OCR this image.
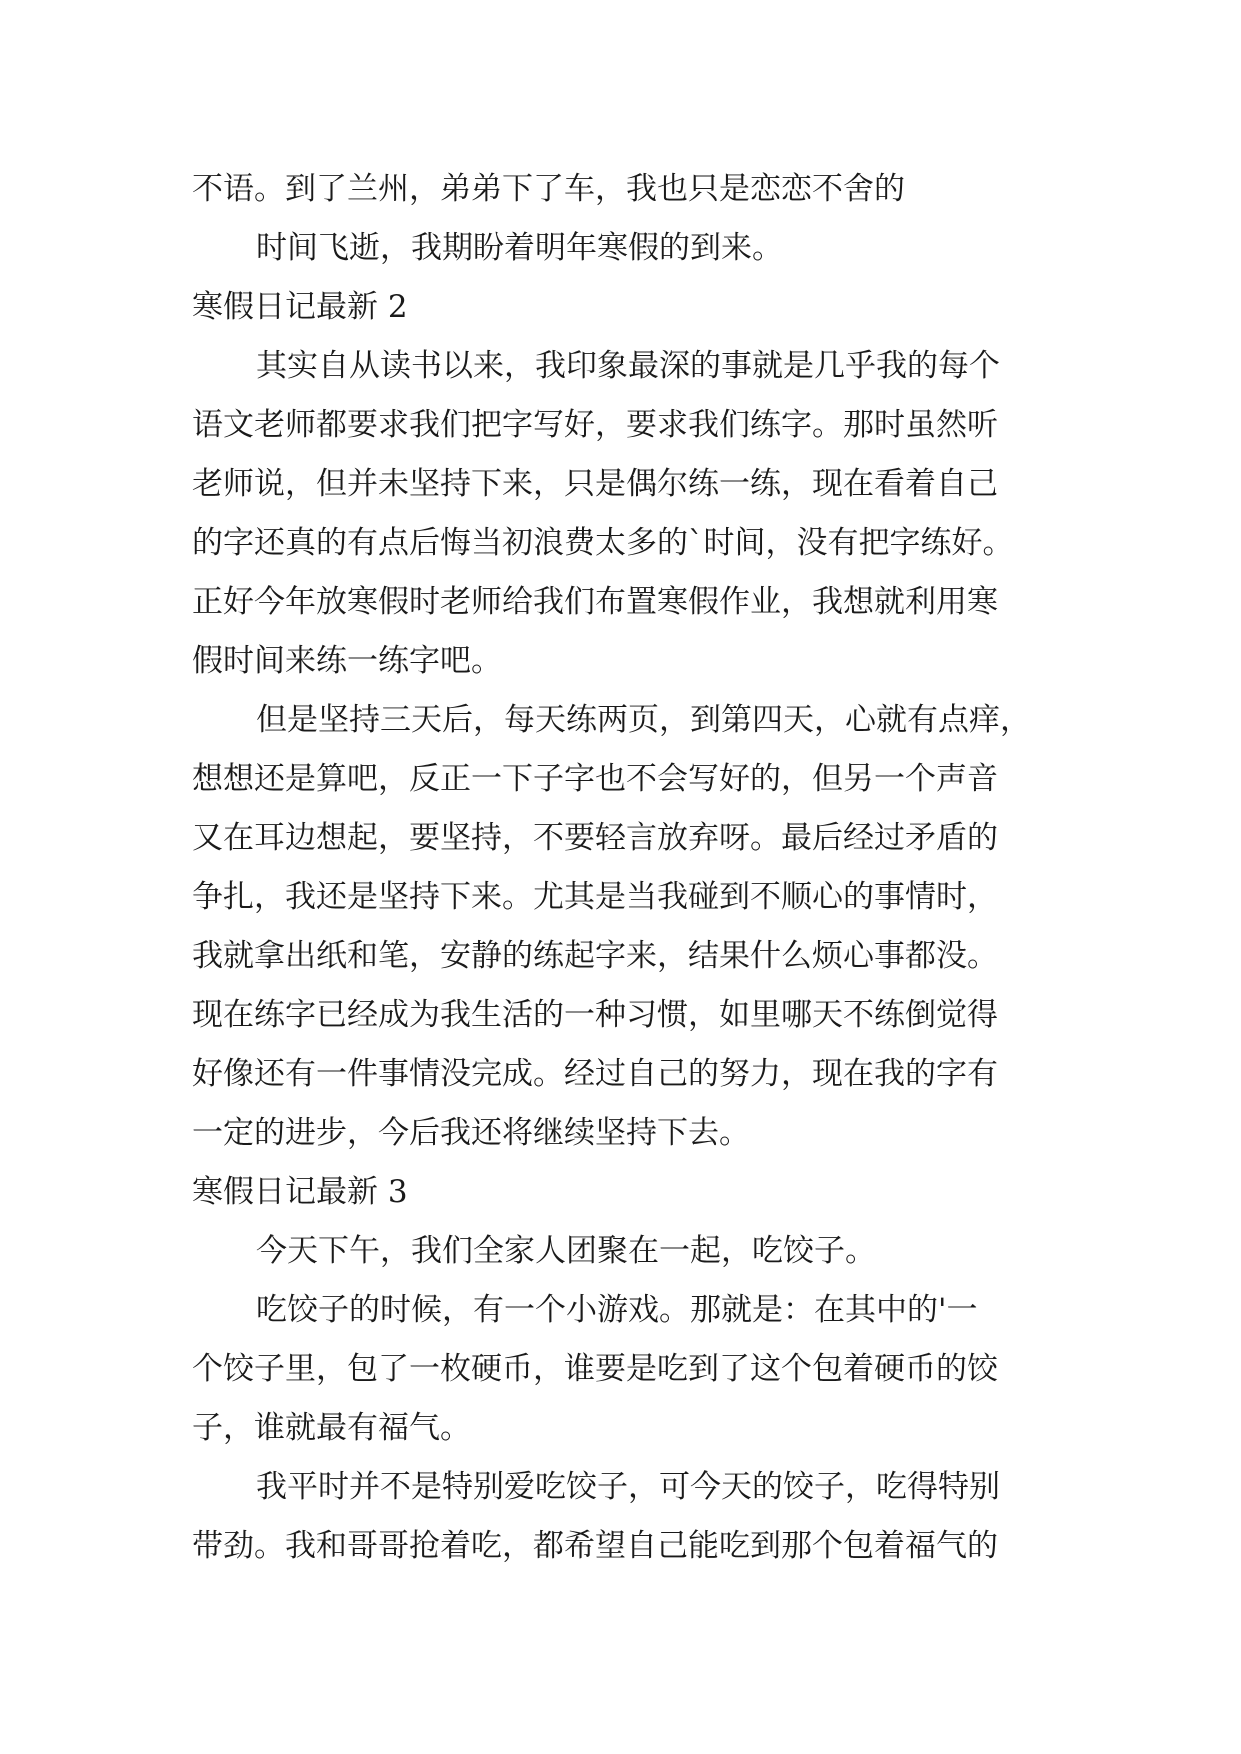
不语。到了兰州，弟弟下了车，我也只是恋恋不舍的
时间飞逝，我期盼着明年寒假的到来。
寒假日记最新 2
其实自从读书以来，我印象最深的事就是几乎我的每个
语文老师都要求我们把字写好，要求我们练字。那时虽然听
老师说，但并未坚持下来，只是偶尔练一练，现在看着自己
的字还真的有点后悔当初浪费太多的`时间，没有把字练好。
正好今年放寒假时老师给我们布置寒假作业，我想就利用寒
假时间来练一练字吧。
但是坚持三天后，每天练两页，到第四天，心就有点痒，
想想还是算吧，反正一下子字也不会写好的，但另一个声音
又在耳边想起，要坚持，不要轻言放弃呀。最后经过矛盾的
争扎，我还是坚持下来。尤其是当我碰到不顺心的事情时，
我就拿出纸和笔，安静的练起字来，结果什么烦心事都没。
现在练字已经成为我生活的一种习惯，如里哪天不练倒觉得
好像还有一件事情没完成。经过自己的努力，现在我的字有
一定的进步，今后我还将继续坚持下去。
寒假日记最新 3
今天下午，我们全家人团聚在一起，吃饺子。
吃饺子的时候，有一个小游戏。那就是：在其中的'一
个饺子里，包了一枚硬币，谁要是吃到了这个包着硬币的饺
子，谁就最有福气。
我平时并不是特别爱吃饺子，可今天的饺子，吃得特别
带劲。我和哥哥抢着吃，都希望自己能吃到那个包着福气的
